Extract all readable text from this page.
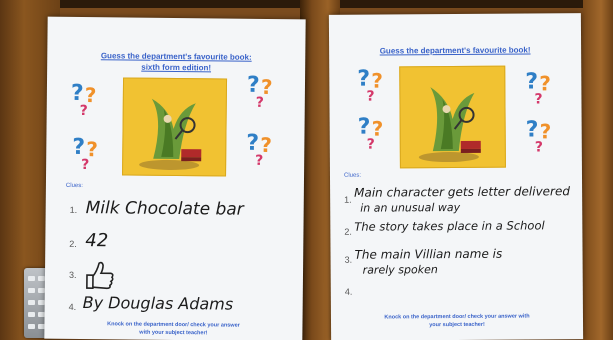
Guess the department's favourite book:
sixth form edition!
? ?
?
? ?
?
? ?
?
? ?
?
Clues:
1. Milk Chocolate bar
2. 42
3.
4. By Douglas Adams
Knock on the department door/ check your answer
with your subject teacher!
Guess the department's favourite book!
? ?
?
? ?
?
? ?
?
? ?
?
Clues:
1.
Main character gets letter delivered
in an unusual way
2. The story takes place in a School
3. The main Villian name is
rarely spoken
4.
Knock on the department door/ check your answer with
your subject teacher!
